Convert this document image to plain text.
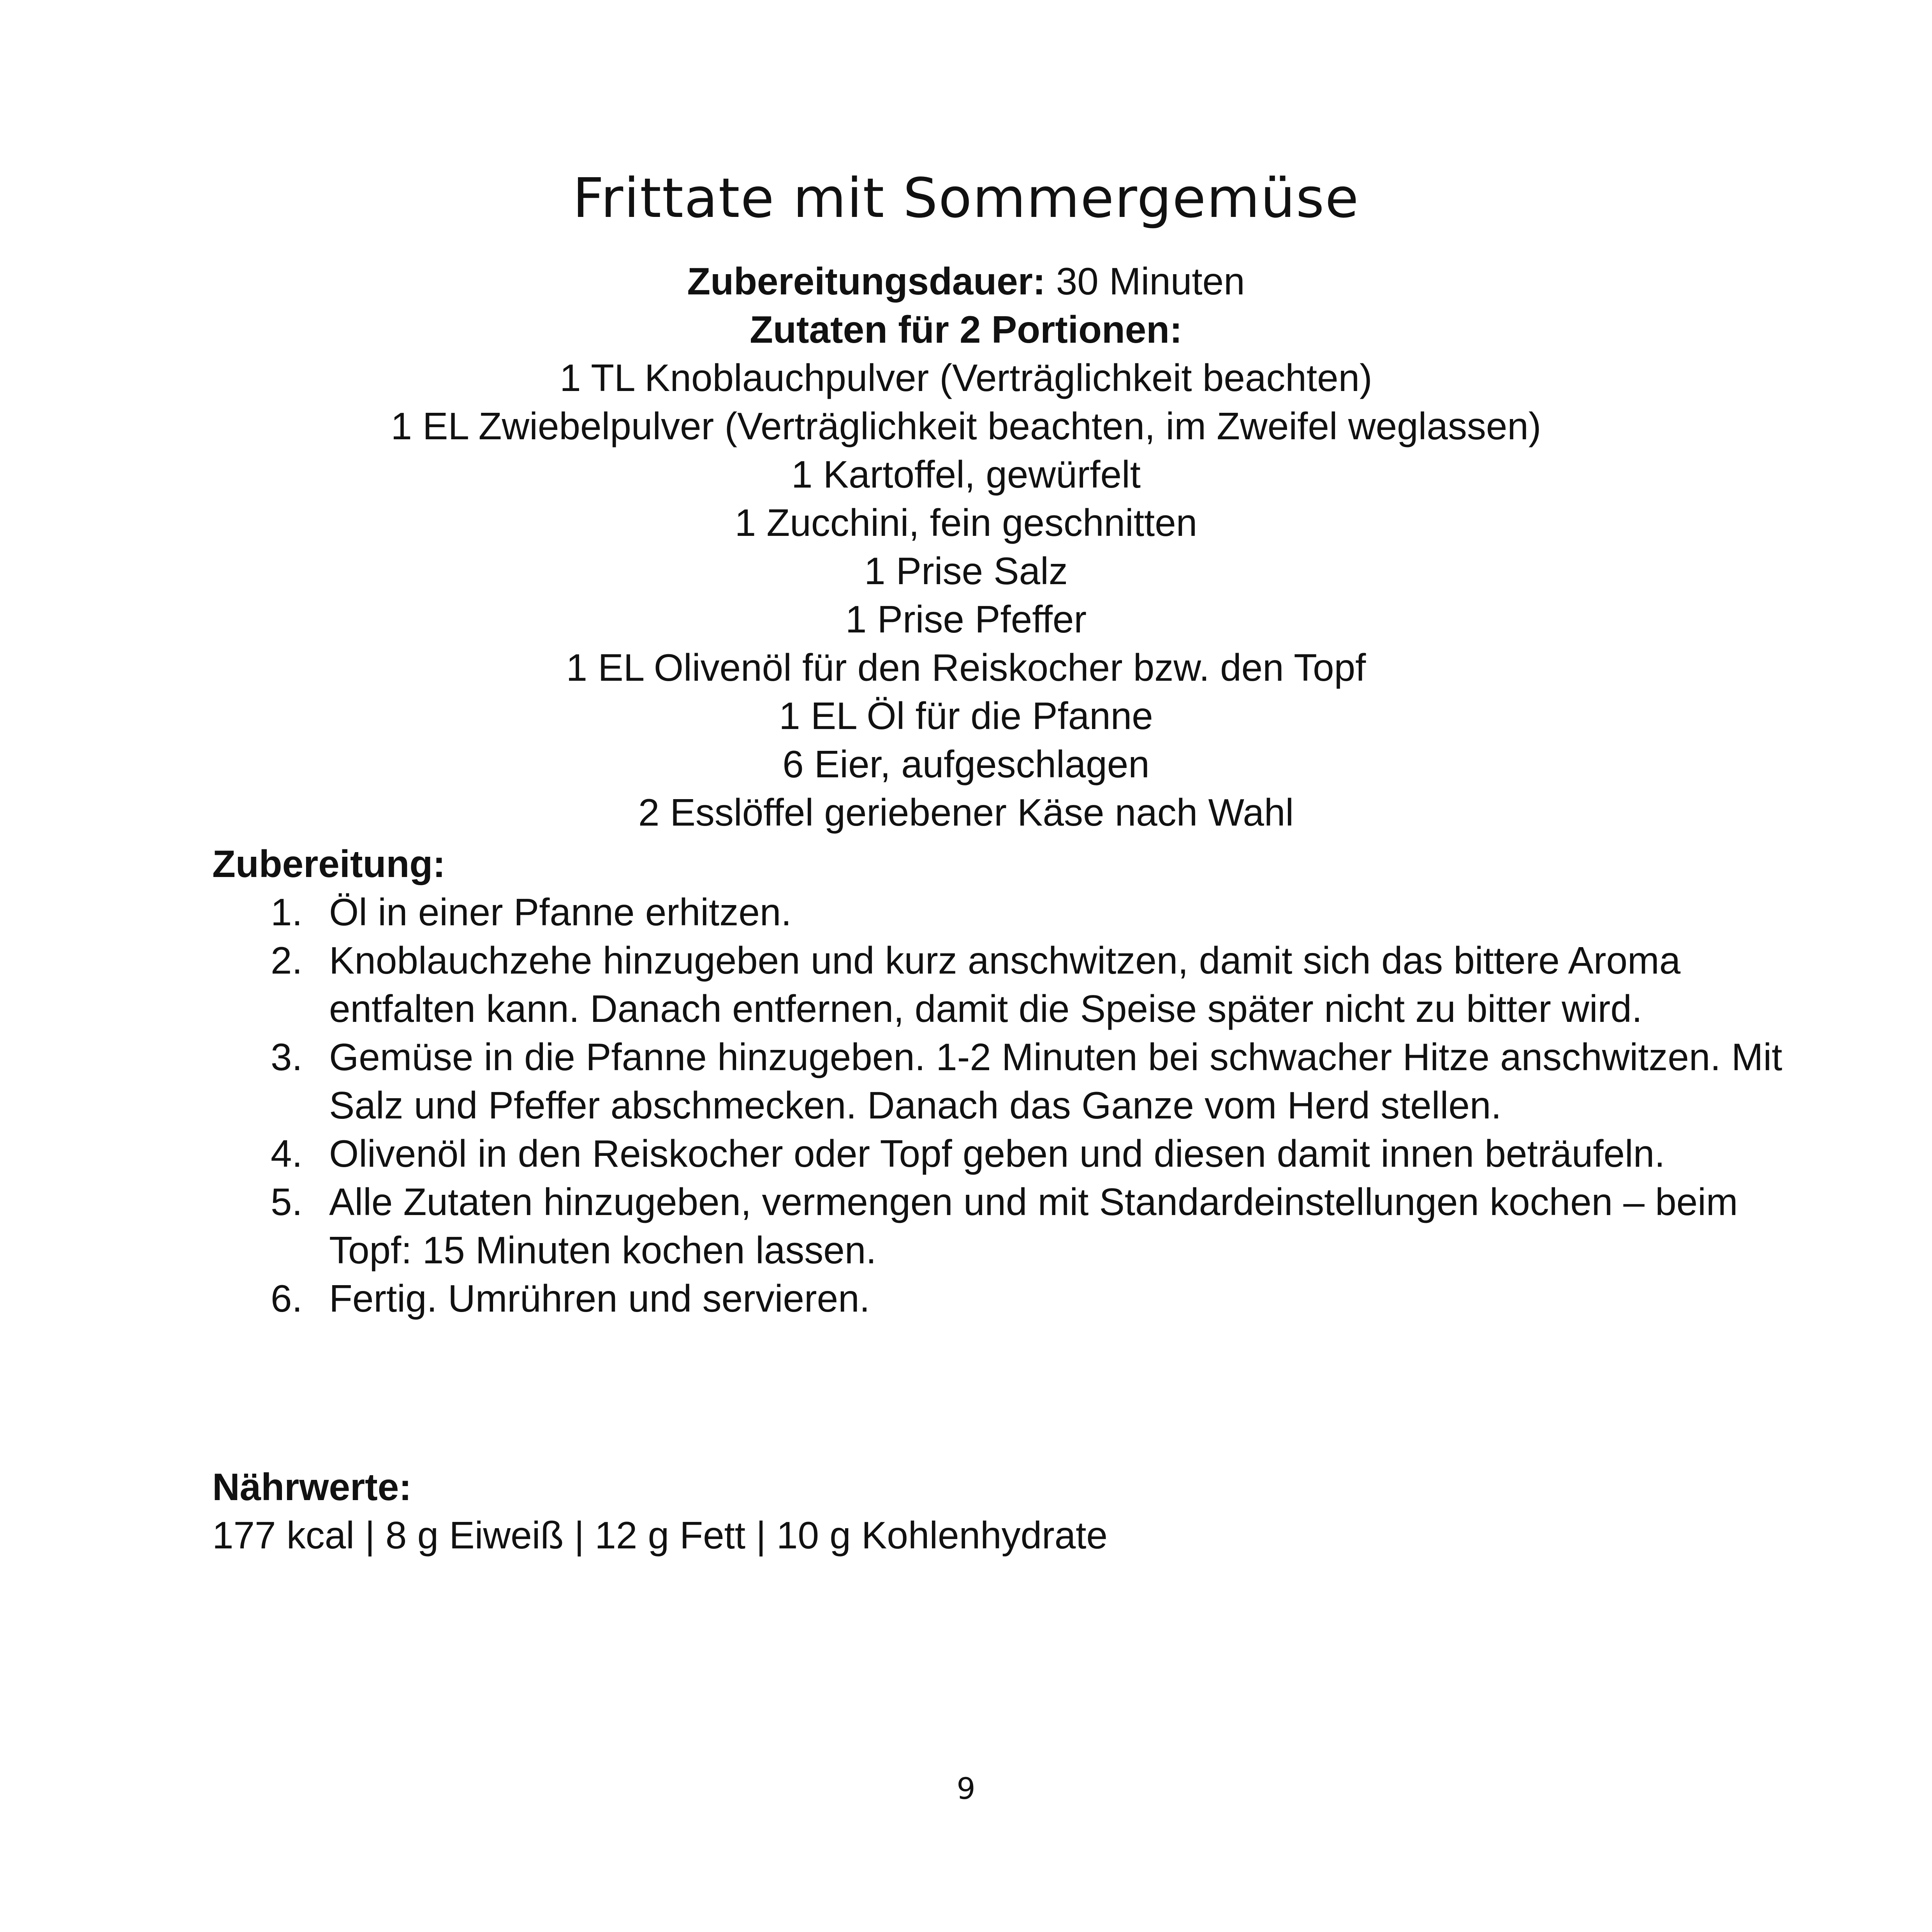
Frittate mit Sommergemüse
Zubereitungsdauer: 30 Minuten
Zutaten für 2 Portionen:
1 TL Knoblauchpulver (Verträglichkeit beachten)
1 EL Zwiebelpulver (Verträglichkeit beachten, im Zweifel weglassen)
1 Kartoffel, gewürfelt
1 Zucchini, fein geschnitten
1 Prise Salz
1 Prise Pfeffer
1 EL Olivenöl für den Reiskocher bzw. den Topf
1 EL Öl für die Pfanne
6 Eier, aufgeschlagen
2 Esslöffel geriebener Käse nach Wahl
Zubereitung:
1. Öl in einer Pfanne erhitzen.
2. Knoblauchzehe hinzugeben und kurz anschwitzen, damit sich das bittere Aroma entfalten kann. Danach entfernen, damit die Speise später nicht zu bitter wird.
3. Gemüse in die Pfanne hinzugeben. 1-2 Minuten bei schwacher Hitze anschwitzen. Mit Salz und Pfeffer abschmecken. Danach das Ganze vom Herd stellen.
4. Olivenöl in den Reiskocher oder Topf geben und diesen damit innen beträufeln.
5. Alle Zutaten hinzugeben, vermengen und mit Standardeinstellungen kochen – beim Topf: 15 Minuten kochen lassen.
6. Fertig. Umrühren und servieren.
Nährwerte:
177 kcal | 8 g Eiweiß | 12 g Fett | 10 g Kohlenhydrate
9
